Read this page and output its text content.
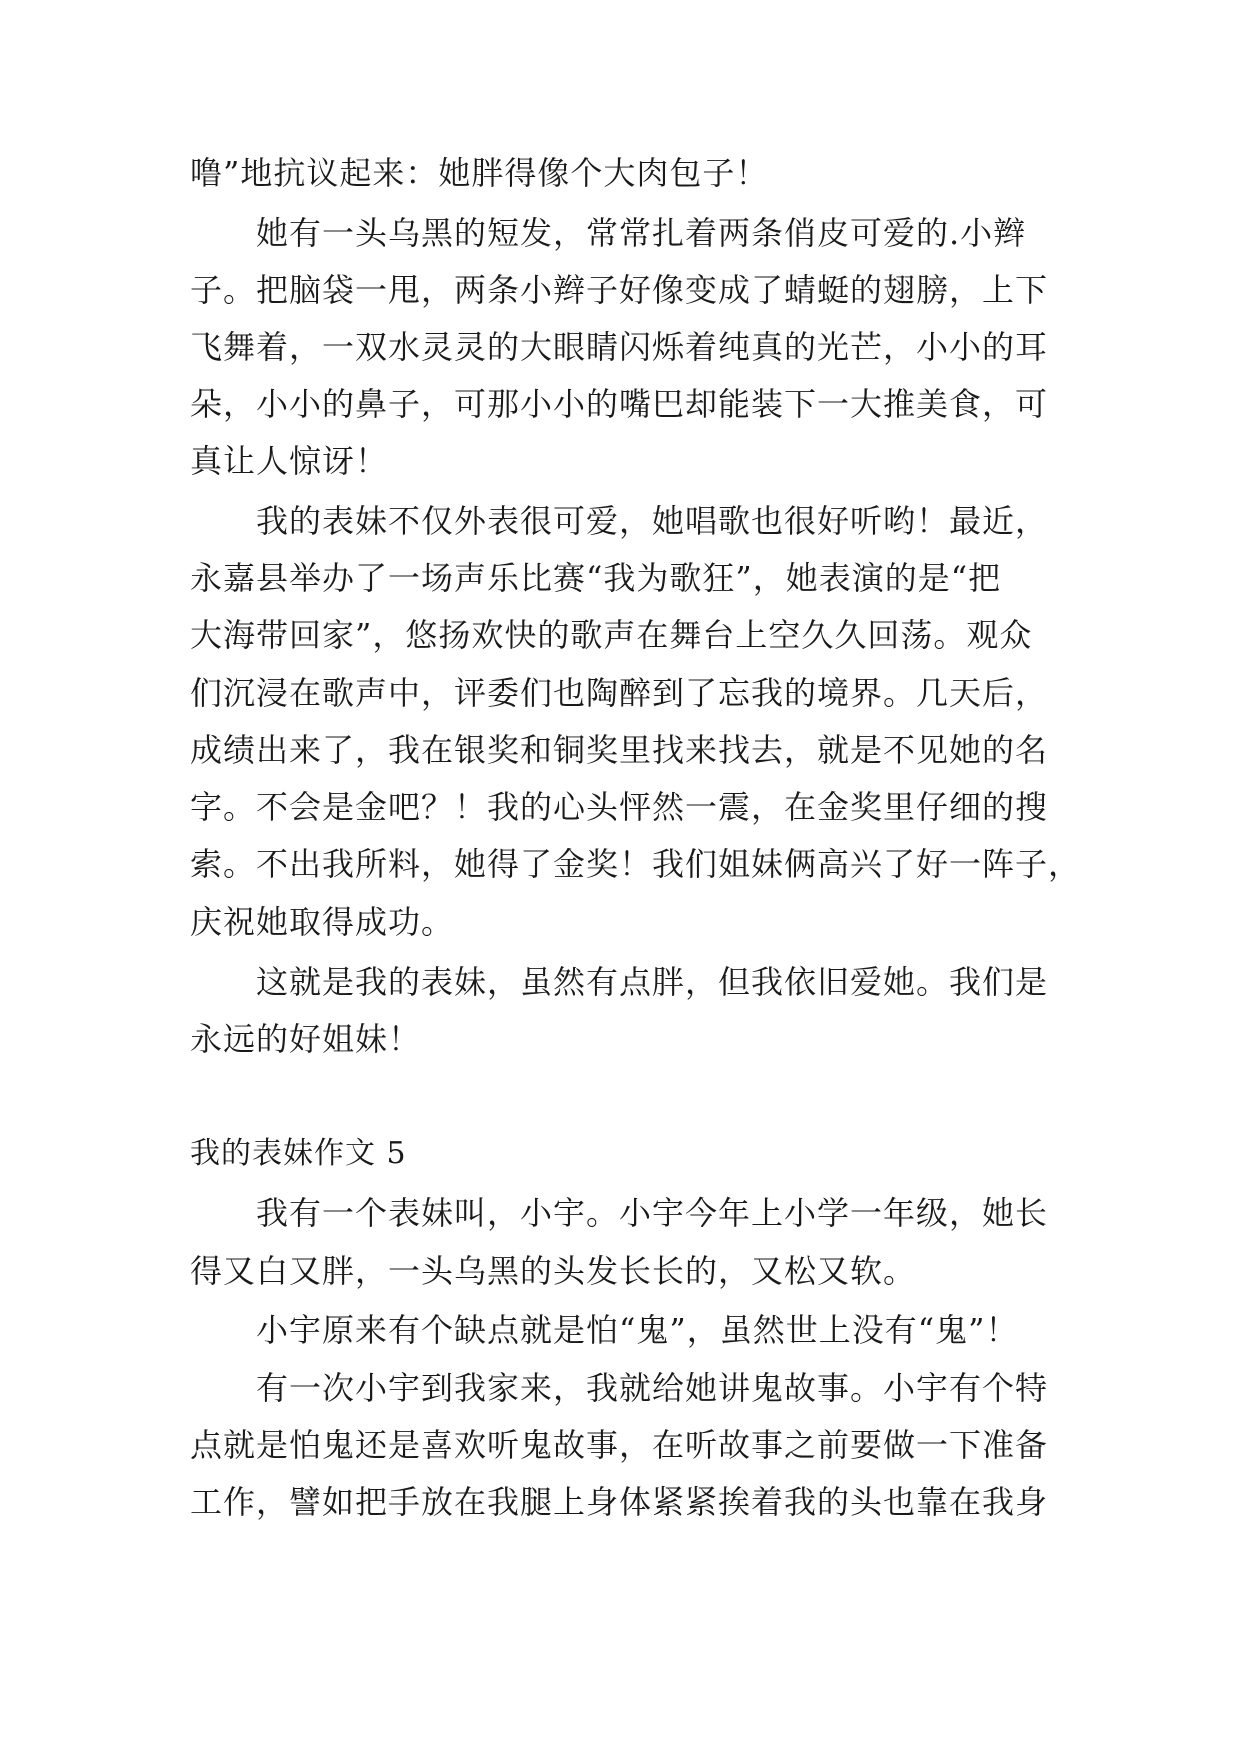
噜”地抗议起来：她胖得像个大肉包子！
她有一头乌黑的短发，常常扎着两条俏皮可爱的.小辫
子。把脑袋一甩，两条小辫子好像变成了蜻蜓的翅膀，上下
飞舞着，一双水灵灵的大眼睛闪烁着纯真的光芒，小小的耳
朵，小小的鼻子，可那小小的嘴巴却能装下一大推美食，可
真让人惊讶！
我的表妹不仅外表很可爱，她唱歌也很好听哟！最近，
永嘉县举办了一场声乐比赛“我为歌狂”，她表演的是“把
大海带回家”，悠扬欢快的歌声在舞台上空久久回荡。观众
们沉浸在歌声中，评委们也陶醉到了忘我的境界。几天后，
成绩出来了，我在银奖和铜奖里找来找去，就是不见她的名
字。不会是金吧？！我的心头怦然一震，在金奖里仔细的搜
索。不出我所料，她得了金奖！我们姐妹俩高兴了好一阵子，
庆祝她取得成功。
这就是我的表妹，虽然有点胖，但我依旧爱她。我们是
永远的好姐妹！
我的表妹作文 5
我有一个表妹叫，小宇。小宇今年上小学一年级，她长
得又白又胖，一头乌黑的头发长长的，又松又软。
小宇原来有个缺点就是怕“鬼”，虽然世上没有“鬼”！
有一次小宇到我家来，我就给她讲鬼故事。小宇有个特
点就是怕鬼还是喜欢听鬼故事，在听故事之前要做一下准备
工作，譬如把手放在我腿上身体紧紧挨着我的头也靠在我身
